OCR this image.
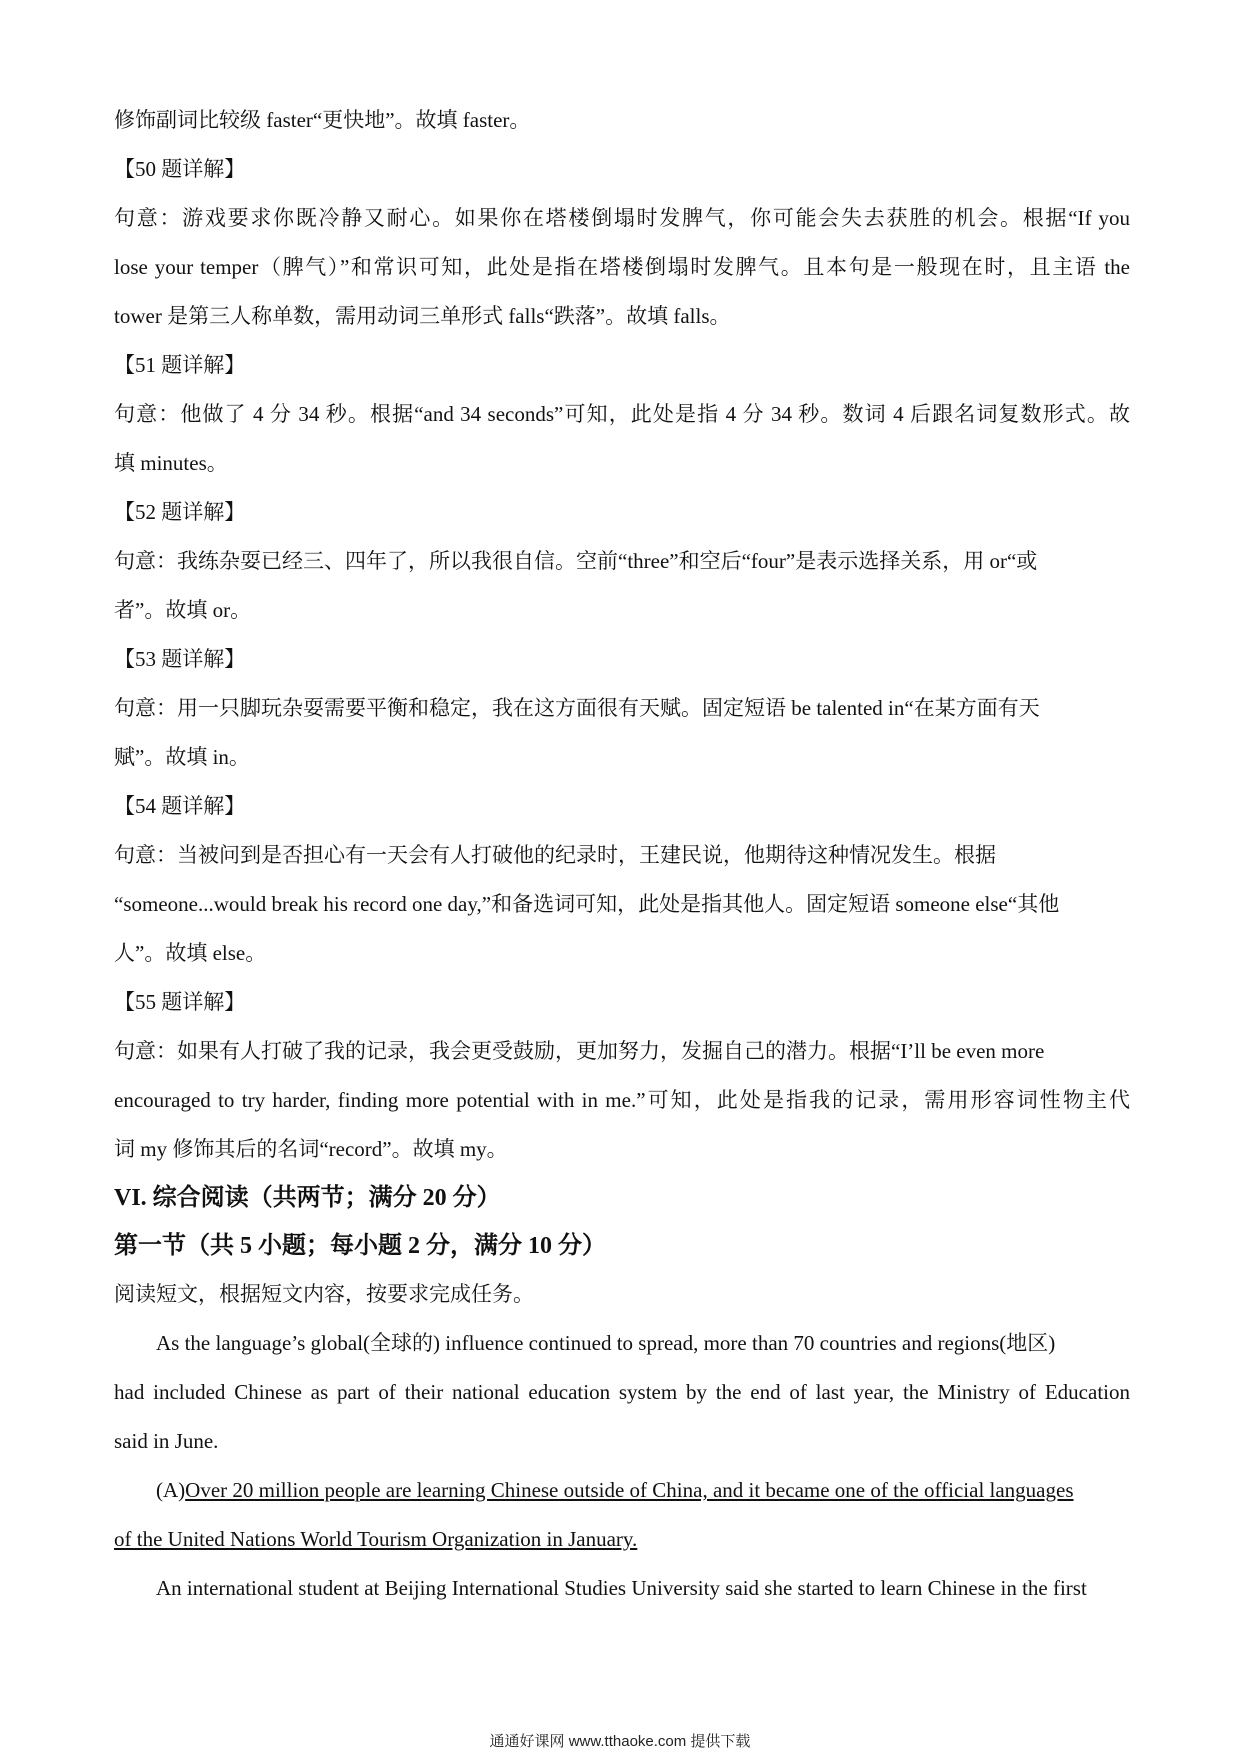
修饰副词比较级 faster“更快地”。故填 faster。
【50 题详解】
句意：游戏要求你既冷静又耐心。如果你在塔楼倒塌时发脾气，你可能会失去获胜的机会。根据“If you
lose your temper（脾气）”和常识可知，此处是指在塔楼倒塌时发脾气。且本句是一般现在时，且主语 the
tower 是第三人称单数，需用动词三单形式 falls“跌落”。故填 falls。
【51 题详解】
句意：他做了 4 分 34 秒。根据“and 34 seconds”可知，此处是指 4 分 34 秒。数词 4 后跟名词复数形式。故
填 minutes。
【52 题详解】
句意：我练杂耍已经三、四年了，所以我很自信。空前“three”和空后“four”是表示选择关系，用 or“或
者”。故填 or。
【53 题详解】
句意：用一只脚玩杂耍需要平衡和稳定，我在这方面很有天赋。固定短语 be talented in“在某方面有天
赋”。故填 in。
【54 题详解】
句意：当被问到是否担心有一天会有人打破他的纪录时，王建民说，他期待这种情况发生。根据
“someone...would break his record one day,”和备选词可知，此处是指其他人。固定短语 someone else“其他
人”。故填 else。
【55 题详解】
句意：如果有人打破了我的记录，我会更受鼓励，更加努力，发掘自己的潜力。根据“I’ll be even more
encouraged to try harder, finding more potential with in me.”可知，此处是指我的记录，需用形容词性物主代
词 my 修饰其后的名词“record”。故填 my。
VI. 综合阅读（共两节；满分 20 分）
第一节（共 5 小题；每小题 2 分，满分 10 分）
阅读短文，根据短文内容，按要求完成任务。
As the language’s global(全球的) influence continued to spread, more than 70 countries and regions(地区)
had included Chinese as part of their national education system by the end of last year, the Ministry of Education
said in June.
(A)Over 20 million people are learning Chinese outside of China, and it became one of the official languages
of the United Nations World Tourism Organization in January.
An international student at Beijing International Studies University said she started to learn Chinese in the first
通通好课网 www.tthaoke.com 提供下载
